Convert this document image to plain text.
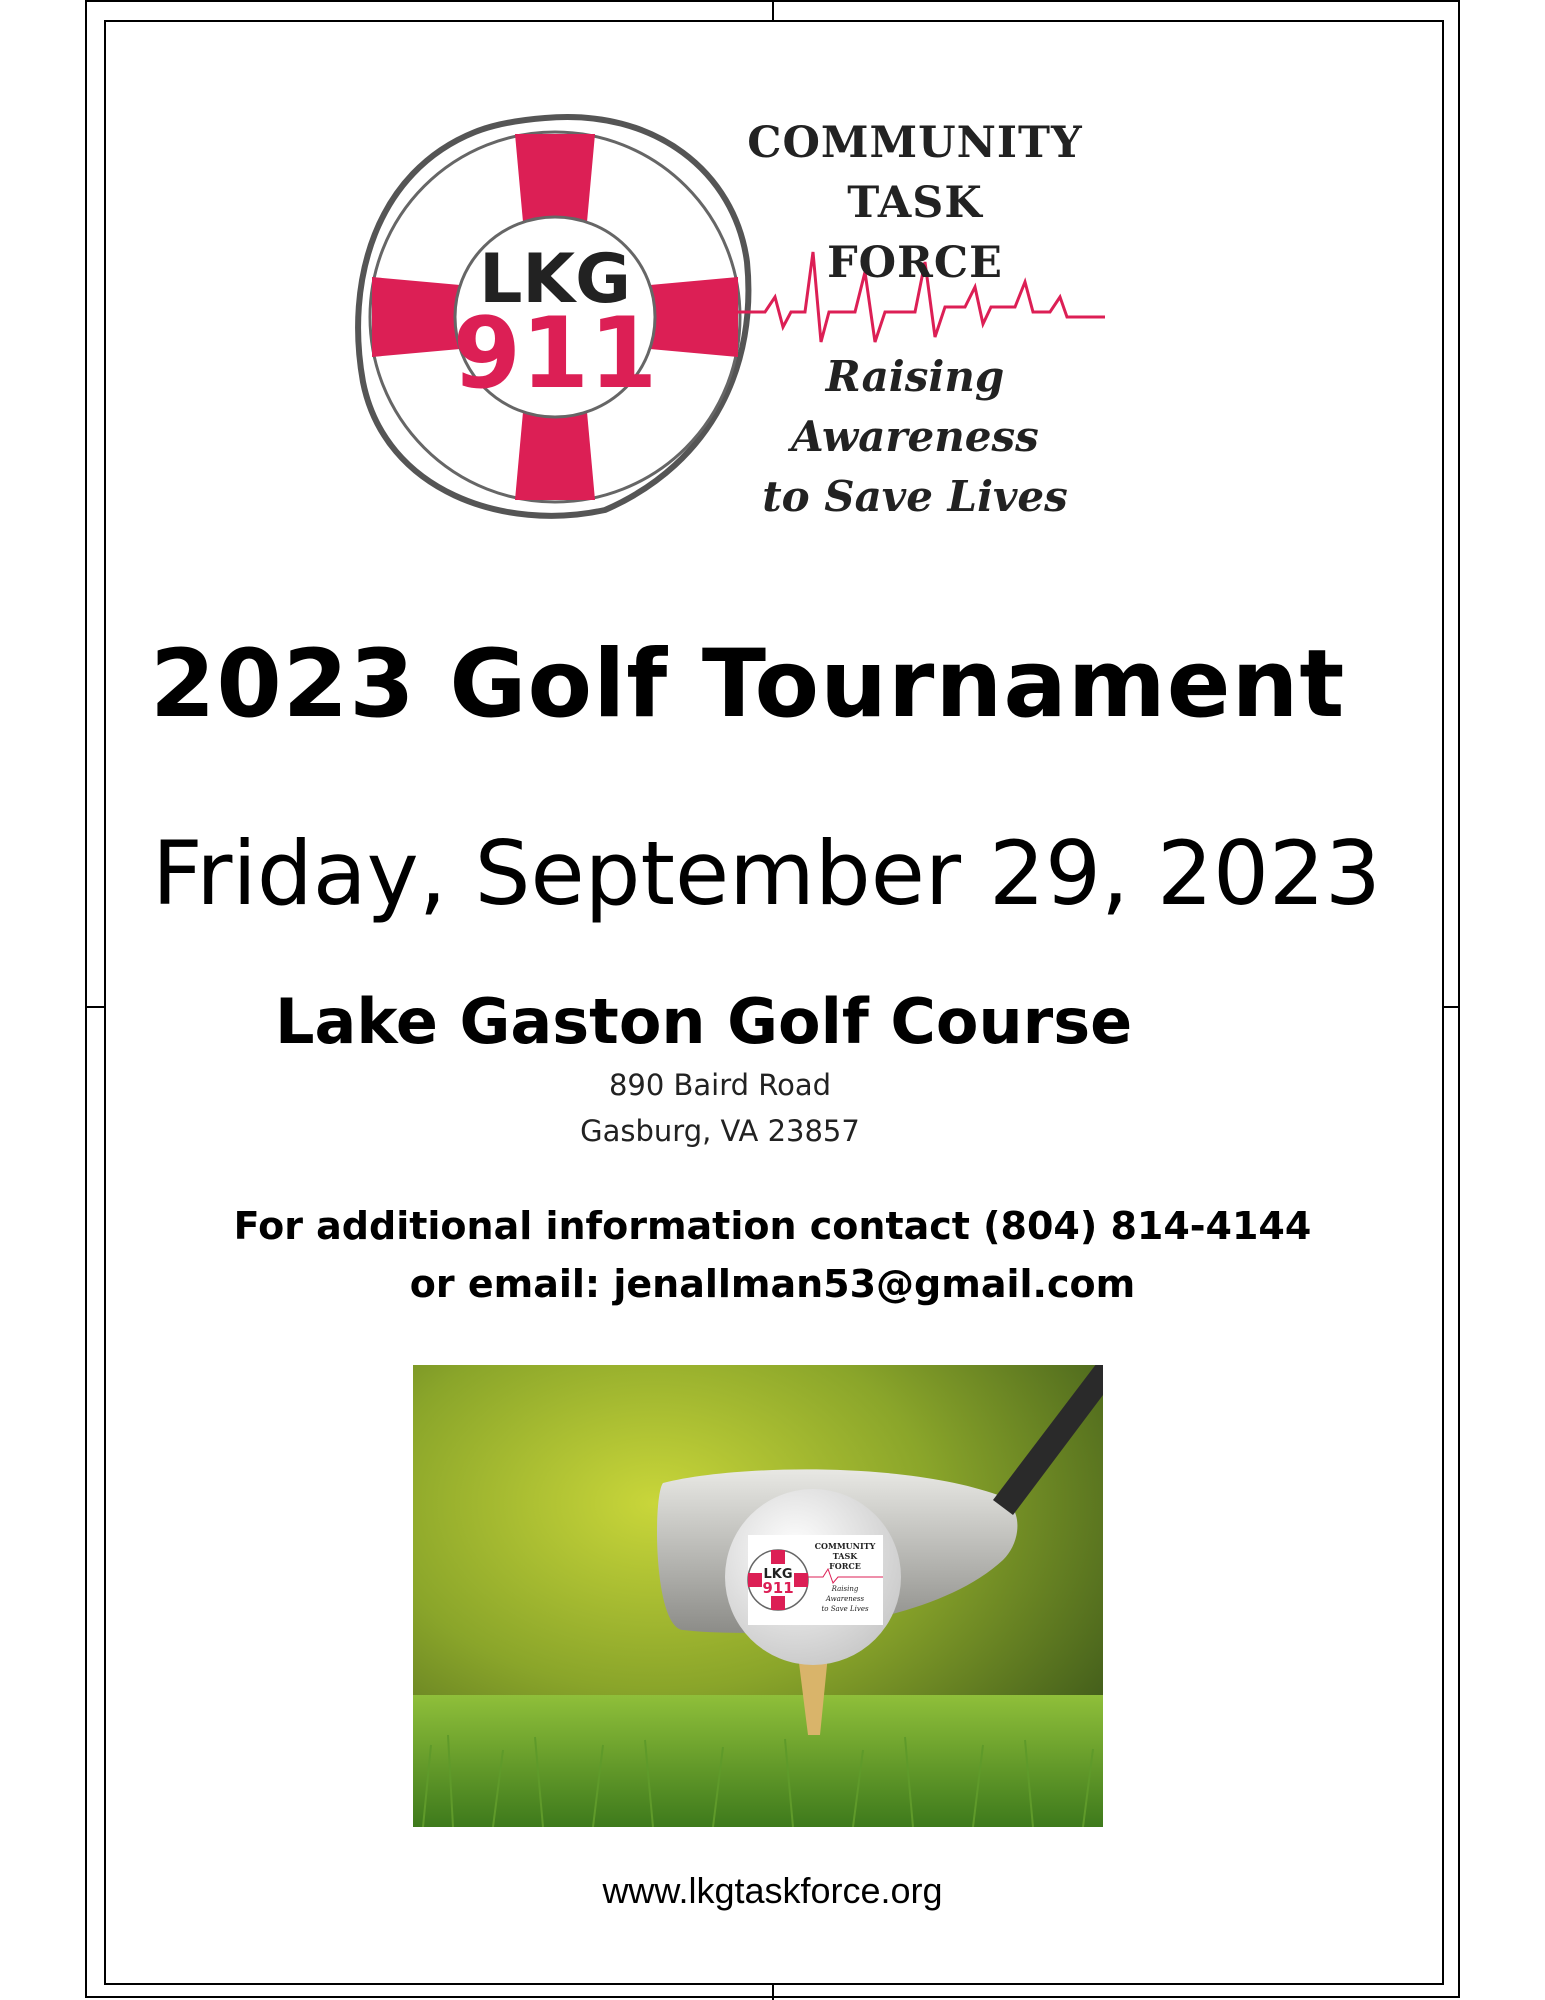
LKG
911
COMMUNITY
TASK
FORCE
Raising
Awareness
to Save Lives
2023 Golf Tournament
Friday, September 29, 2023
Lake Gaston Golf Course
890 Baird Road
Gasburg, VA 23857
For additional information contact (804) 814-4144
or email: jenallman53@gmail.com
LKG
911
COMMUNITY
TASK
FORCE
Raising
Awareness
to Save Lives
www.lkgtaskforce.org
